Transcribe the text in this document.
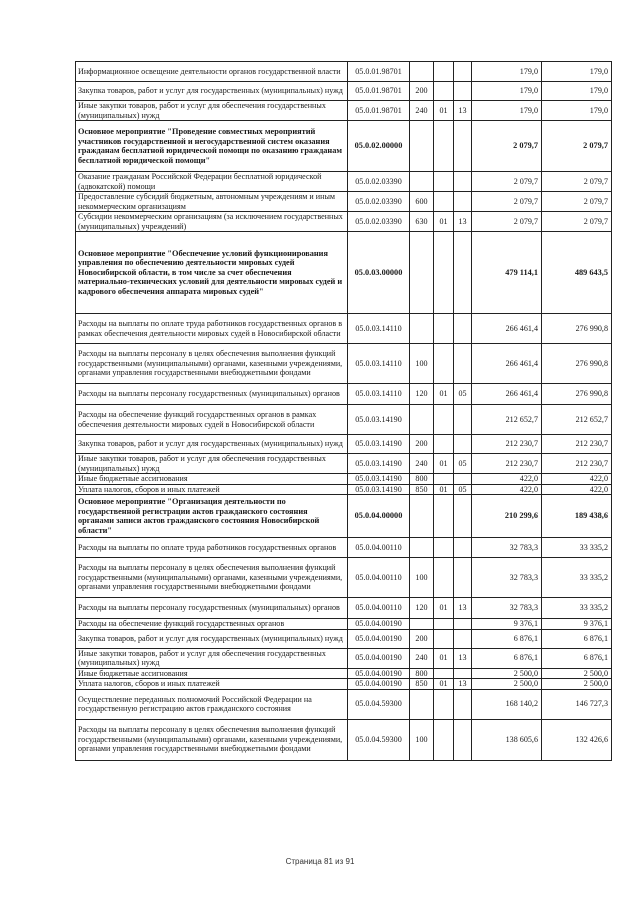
Информационное освещение деятельности органов государственной власти	05.0.01.98701				179,0	179,0
Закупка товаров, работ и услуг для государственных (муниципальных) нужд	05.0.01.98701	200			179,0	179,0
Иные закупки товаров, работ и услуг для обеспечения государственных (муниципальных) нужд	05.0.01.98701	240	01	13	179,0	179,0
Основное мероприятие "Проведение совместных мероприятий участников государственной и негосударственной систем оказания гражданам бесплатной юридической помощи по оказанию гражданам бесплатной юридической помощи"	05.0.02.00000				2 079,7	2 079,7
Оказание гражданам Российской Федерации бесплатной юридической (адвокатской) помощи	05.0.02.03390				2 079,7	2 079,7
Предоставление субсидий бюджетным, автономным учреждениям и иным некоммерческим организациям	05.0.02.03390	600			2 079,7	2 079,7
Субсидии некоммерческим организациям (за исключением государственных (муниципальных) учреждений)	05.0.02.03390	630	01	13	2 079,7	2 079,7
Основное мероприятие "Обеспечение условий функционирования управления по обеспечению деятельности мировых судей Новосибирской области, в том числе за счет обеспечения материально-технических условий для деятельности мировых судей и кадрового обеспечения аппарата мировых судей"	05.0.03.00000				479 114,1	489 643,5
Расходы на выплаты по оплате труда работников государственных органов в рамках обеспечения деятельности мировых судей в Новосибирской области	05.0.03.14110				266 461,4	276 990,8
Расходы на выплаты персоналу в целях обеспечения выполнения функций государственными (муниципальными) органами, казенными учреждениями, органами управления государственными внебюджетными фондами	05.0.03.14110	100			266 461,4	276 990,8
Расходы на выплаты персоналу государственных (муниципальных) органов	05.0.03.14110	120	01	05	266 461,4	276 990,8
Расходы на обеспечение функций государственных органов в рамках обеспечения деятельности мировых судей в Новосибирской области	05.0.03.14190				212 652,7	212 652,7
Закупка товаров, работ и услуг для государственных (муниципальных) нужд	05.0.03.14190	200			212 230,7	212 230,7
Иные закупки товаров, работ и услуг для обеспечения государственных (муниципальных) нужд	05.0.03.14190	240	01	05	212 230,7	212 230,7
Иные бюджетные ассигнования	05.0.03.14190	800			422,0	422,0
Уплата налогов, сборов и иных платежей	05.0.03.14190	850	01	05	422,0	422,0
Основное мероприятие "Организация деятельности по государственной регистрации актов гражданского состояния органами записи актов гражданского состояния Новосибирской области"	05.0.04.00000				210 299,6	189 438,6
Расходы на выплаты по оплате труда работников государственных органов	05.0.04.00110				32 783,3	33 335,2
Расходы на выплаты персоналу в целях обеспечения выполнения функций государственными (муниципальными) органами, казенными учреждениями, органами управления государственными внебюджетными фондами	05.0.04.00110	100			32 783,3	33 335,2
Расходы на выплаты персоналу государственных (муниципальных) органов	05.0.04.00110	120	01	13	32 783,3	33 335,2
Расходы на обеспечение функций государственных органов	05.0.04.00190				9 376,1	9 376,1
Закупка товаров, работ и услуг для государственных (муниципальных) нужд	05.0.04.00190	200			6 876,1	6 876,1
Иные закупки товаров, работ и услуг для обеспечения государственных (муниципальных) нужд	05.0.04.00190	240	01	13	6 876,1	6 876,1
Иные бюджетные ассигнования	05.0.04.00190	800			2 500,0	2 500,0
Уплата налогов, сборов и иных платежей	05.0.04.00190	850	01	13	2 500,0	2 500,0
Осуществление переданных полномочий Российской Федерации на государственную регистрацию актов гражданского состояния	05.0.04.59300				168 140,2	146 727,3
Расходы на выплаты персоналу в целях обеспечения выполнения функций государственными (муниципальными) органами, казенными учреждениями, органами управления государственными внебюджетными фондами	05.0.04.59300	100			138 605,6	132 426,6
Страница 81 из 91
